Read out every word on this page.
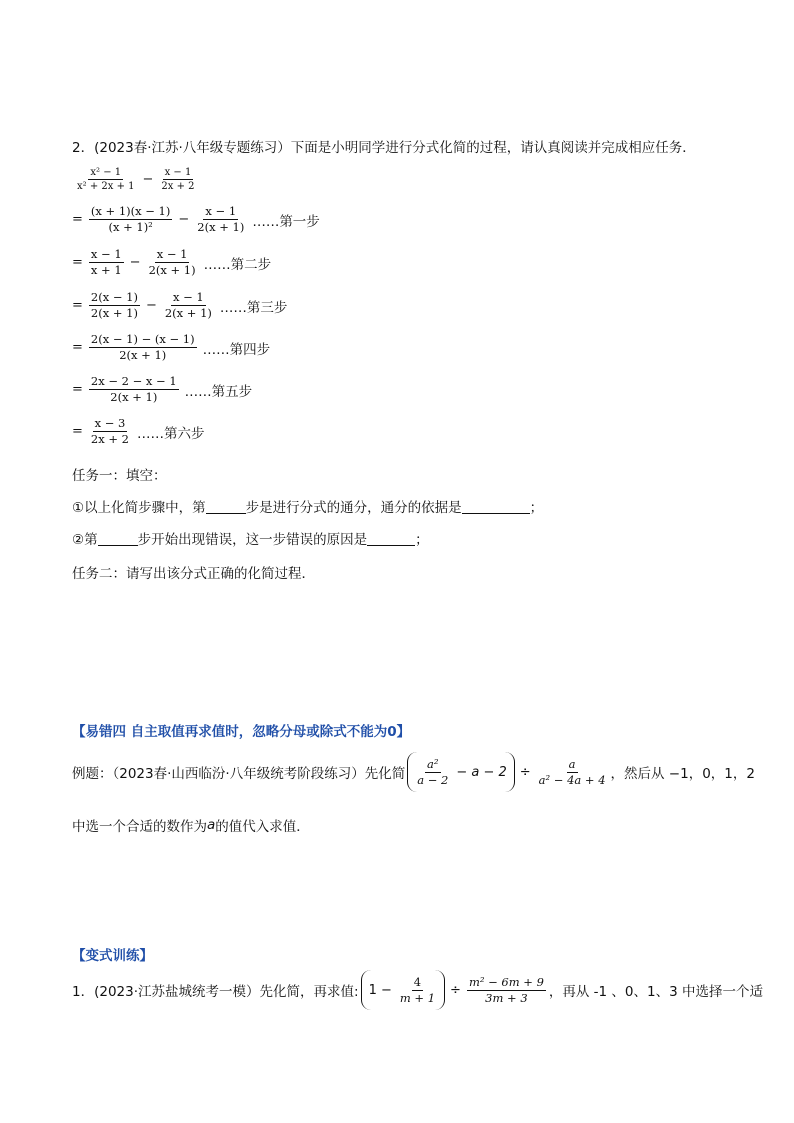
2．(2023春·江苏·八年级专题练习）下面是小明同学进行分式化简的过程，请认真阅读并完成相应任务．
$\frac{\text{x² − 1}}{\text{x² + 2x + 1}} - \frac{x - 1}{2x + 2}$
= $\frac{(x + 1)(x - 1)}{\text{(x + 1)²}} - \frac{x - 1}{2(x + 1)}$ ……第一步
= $\frac{x - 1}{x + 1} - \frac{x - 1}{2(x + 1)}$ ……第二步
= $\frac{2(x - 1)}{2(x + 1)} - \frac{x - 1}{2(x + 1)}$ ……第三步
= $\frac{2(x - 1) - (x - 1)}{2(x + 1)}$ ……第四步
= $\frac{2x - 2 - x - 1}{2(x + 1)}$ ……第五步
= $\frac{x - 3}{2x + 2}$ ……第六步
任务一：填空：
①以上化简步骤中，第	步是进行分式的通分，通分的依据是	；
②第	步开始出现错误，这一步错误的原因是	；
任务二：请写出该分式正确的化简过程．
【易错四 自主取值再求值时，忽略分母或除式不能为0】
例题：（2023春·山西临汾·八年级统考阶段练习）先化简 $\frac{\text{a²}}{a - 2} - a - 2 \div \frac{a}{\text{a² − 4a + 4}}$ ，然后从 −1，0，1，2
中选一个合适的数作为 a 的值代入求值．
【变式训练】
1．(2023·江苏盐城统考一模）先化简，再求值: $1 - \frac{4}{m + 1} \div \frac{\text{m² − 6m + 9}}{3m + 3}$ ，再从 -1 、0、1、3 中选择一个适
